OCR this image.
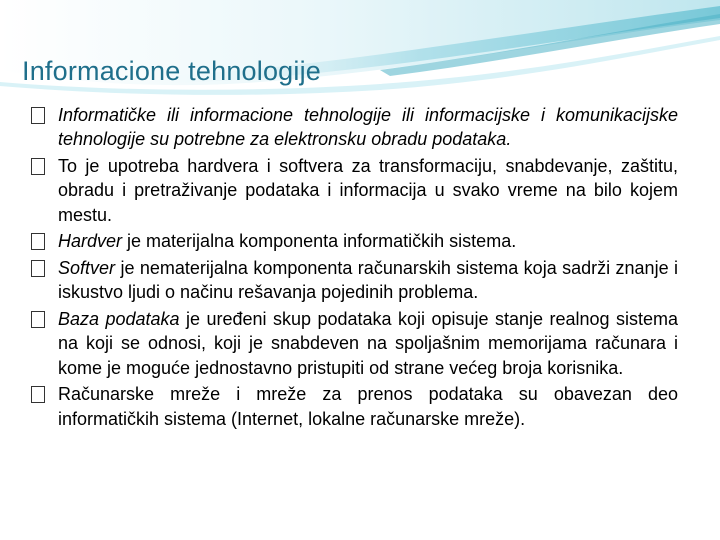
Informacione tehnologije
Informatičke ili informacione tehnologije ili informacijske i komunikacijske tehnologije su potrebne za elektronsku obradu podataka.
To je upotreba hardvera i softvera za transformaciju, snabdevanje, zaštitu, obradu i pretraživanje podataka i informacija u svako vreme na bilo kojem mestu.
Hardver je materijalna komponenta informatičkih sistema.
Softver je nematerijalna komponenta računarskih sistema koja sadrži znanje i iskustvo ljudi o načinu rešavanja pojedinih problema.
Baza podataka je uređeni skup podataka koji opisuje stanje realnog sistema na koji se odnosi, koji je snabdeven na spoljašnim memorijama računara i kome je moguće jednostavno pristupiti od strane većeg broja korisnika.
Računarske mreže i mreže za prenos podataka su obavezan deo informatičkih sistema (Internet, lokalne računarske mreže).
